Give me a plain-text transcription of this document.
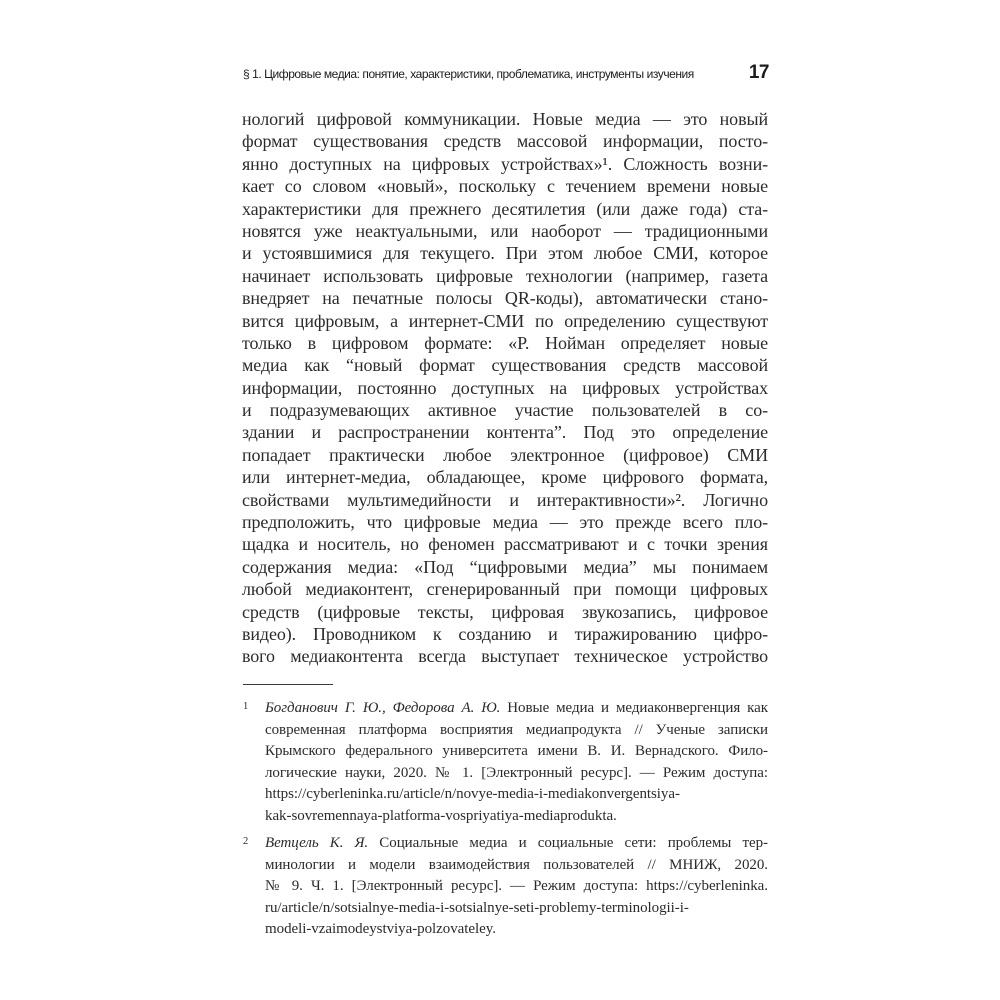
§ 1. Цифровые медиа: понятие, характеристики, проблематика, инструменты изучения	17
нологий цифровой коммуникации. Новые медиа — это новый
формат существования средств массовой информации, посто-
янно доступных на цифровых устройствах»¹. Сложность возни-
кает со словом «новый», поскольку с течением времени новые
характеристики для прежнего десятилетия (или даже года) ста-
новятся уже неактуальными, или наоборот — традиционными
и устоявшимися для текущего. При этом любое СМИ, которое
начинает использовать цифровые технологии (например, газета
внедряет на печатные полосы QR-коды), автоматически стано-
вится цифровым, а интернет-СМИ по определению существуют
только в цифровом формате: «Р. Нойман определяет новые
медиа как “новый формат существования средств массовой
информации, постоянно доступных на цифровых устройствах
и подразумевающих активное участие пользователей в со-
здании и распространении контента”. Под это определение
попадает практически любое электронное (цифровое) СМИ
или интернет-медиа, обладающее, кроме цифрового формата,
свойствами мультимедийности и интерактивности»². Логично
предположить, что цифровые медиа — это прежде всего пло-
щадка и носитель, но феномен рассматривают и с точки зрения
содержания медиа: «Под “цифровыми медиа” мы понимаем
любой медиаконтент, сгенерированный при помощи цифровых
средств (цифровые тексты, цифровая звукозапись, цифровое
видео). Проводником к созданию и тиражированию цифро-
вого медиаконтента всегда выступает техническое устройство
1 Богданович Г. Ю., Федорова А. Ю. Новые медиа и медиаконвергенция как
современная платформа восприятия медиапродукта // Ученые записки
Крымского федерального университета имени В. И. Вернадского. Фило-
логические науки, 2020. № 1. [Электронный ресурс]. — Режим доступа:
https://cyberleninka.ru/article/n/novye-media-i-mediakonvergentsiya-
kak-sovremennaya-platforma-vospriyatiya-mediaprodukta.
2 Ветцель К. Я. Социальные медиа и социальные сети: проблемы тер-
минологии и модели взаимодействия пользователей // МНИЖ, 2020.
№ 9. Ч. 1. [Электронный ресурс]. — Режим доступа: https://cyberleninka.
ru/article/n/sotsialnye-media-i-sotsialnye-seti-problemy-terminologii-i-
modeli-vzaimodeystviya-polzovateley.
